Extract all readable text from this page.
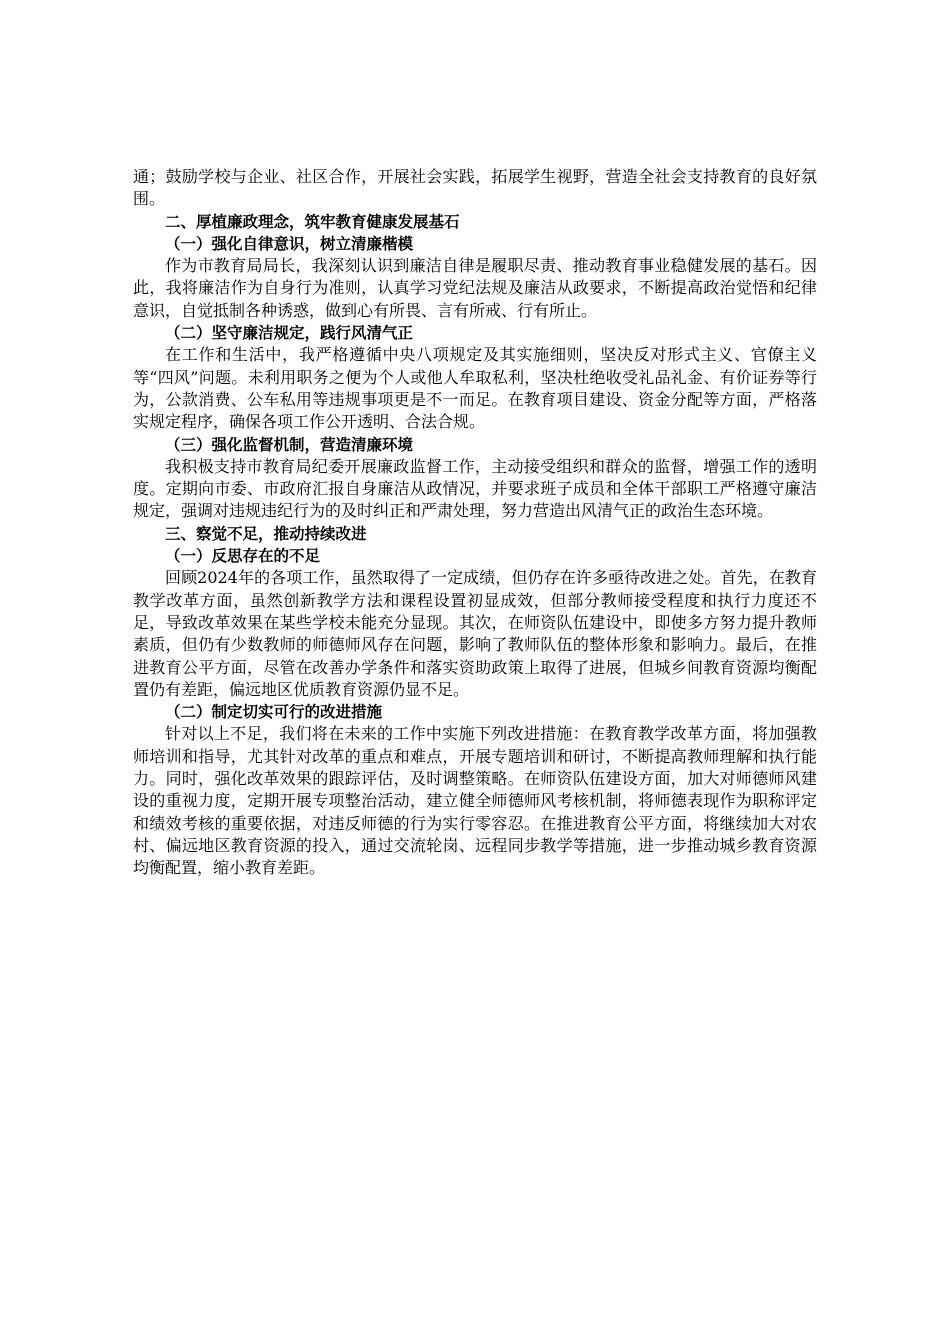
通；鼓励学校与企业、社区合作，开展社会实践，拓展学生视野，营造全社会支持教育的良好氛围。

二、厚植廉政理念，筑牢教育健康发展基石

（一）强化自律意识，树立清廉楷模

作为市教育局局长，我深刻认识到廉洁自律是履职尽责、推动教育事业稳健发展的基石。因此，我将廉洁作为自身行为准则，认真学习党纪法规及廉洁从政要求，不断提高政治觉悟和纪律意识，自觉抵制各种诱惑，做到心有所畏、言有所戒、行有所止。

（二）坚守廉洁规定，践行风清气正

在工作和生活中，我严格遵循中央八项规定及其实施细则，坚决反对形式主义、官僚主义等“四风”问题。未利用职务之便为个人或他人牟取私利，坚决杜绝收受礼品礼金、有价证券等行为，公款消费、公车私用等违规事项更是不一而足。在教育项目建设、资金分配等方面，严格落实规定程序，确保各项工作公开透明、合法合规。

（三）强化监督机制，营造清廉环境

我积极支持市教育局纪委开展廉政监督工作，主动接受组织和群众的监督，增强工作的透明度。定期向市委、市政府汇报自身廉洁从政情况，并要求班子成员和全体干部职工严格遵守廉洁规定，强调对违规违纪行为的及时纠正和严肃处理，努力营造出风清气正的政治生态环境。

三、察觉不足，推动持续改进

（一）反思存在的不足

回顾2024年的各项工作，虽然取得了一定成绩，但仍存在许多亟待改进之处。首先，在教育教学改革方面，虽然创新教学方法和课程设置初显成效，但部分教师接受程度和执行力度还不足，导致改革效果在某些学校未能充分显现。其次，在师资队伍建设中，即使多方努力提升教师素质，但仍有少数教师的师德师风存在问题，影响了教师队伍的整体形象和影响力。最后，在推进教育公平方面，尽管在改善办学条件和落实资助政策上取得了进展，但城乡间教育资源均衡配置仍有差距，偏远地区优质教育资源仍显不足。

（二）制定切实可行的改进措施

针对以上不足，我们将在未来的工作中实施下列改进措施：在教育教学改革方面，将加强教师培训和指导，尤其针对改革的重点和难点，开展专题培训和研讨，不断提高教师理解和执行能力。同时，强化改革效果的跟踪评估，及时调整策略。在师资队伍建设方面，加大对师德师风建设的重视力度，定期开展专项整治活动，建立健全师德师风考核机制，将师德表现作为职称评定和绩效考核的重要依据，对违反师德的行为实行零容忍。在推进教育公平方面，将继续加大对农村、偏远地区教育资源的投入，通过交流轮岗、远程同步教学等措施，进一步推动城乡教育资源均衡配置，缩小教育差距。
